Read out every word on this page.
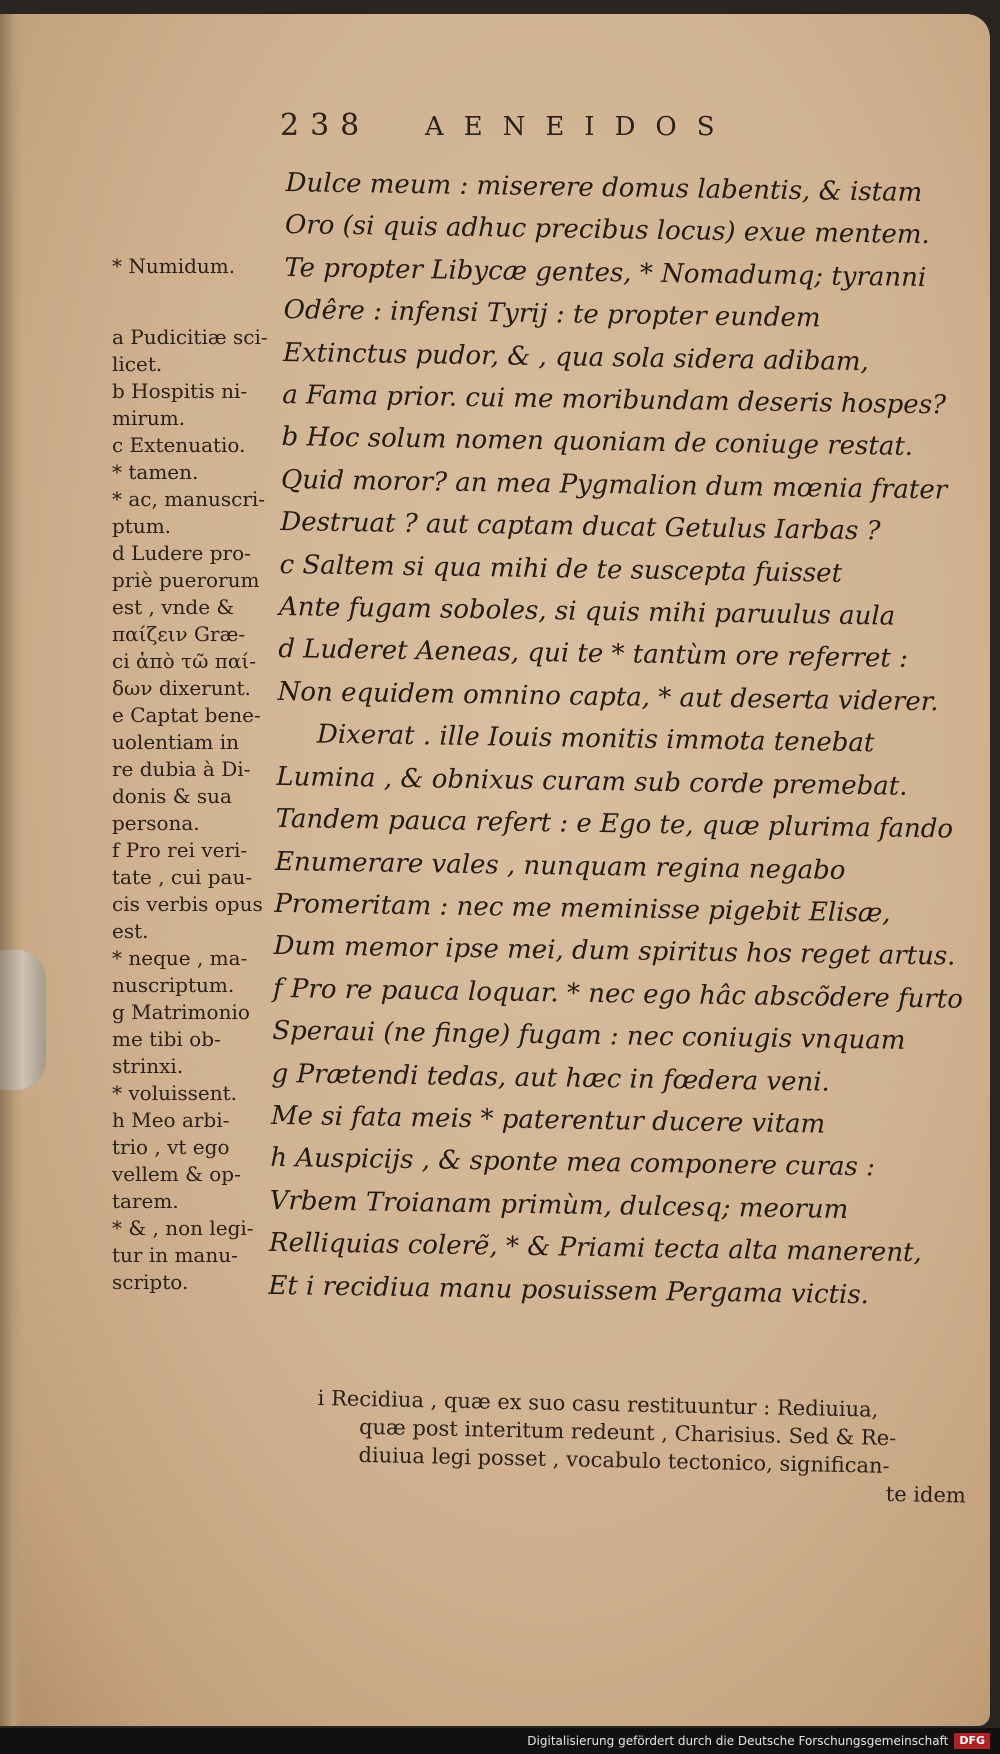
238 AENEIDOS
* Numidum.
a Pudicitiæ sci-
licet.
b Hospitis ni-
mirum.
c Extenuatio.
* tamen.
* ac, manuscri-
ptum.
d Ludere pro-
priè puerorum
est , vnde &
παίζειν Græ-
ci ἀπὸ τῶ παί-
δων dixerunt.
e Captat bene-
uolentiam in
re dubia à Di-
donis & sua
persona.
f Pro rei veri-
tate , cui pau-
cis verbis opus
est.
* neque , ma-
nuscriptum.
g Matrimonio
me tibi ob-
strinxi.
* voluissent.
h Meo arbi-
trio , vt ego
vellem & op-
tarem.
* & , non legi-
tur in manu-
scripto.
Dulce meum : miserere domus labentis, & istam
Oro (si quis adhuc precibus locus) exue mentem.
Te propter Libycæ gentes, * Nomadumq; tyranni
Odêre : infensi Tyrij : te propter eundem
Extinctus pudor, & , qua sola sidera adibam,
a Fama prior. cui me moribundam deseris hospes?
b Hoc solum nomen quoniam de coniuge restat.
Quid moror? an mea Pygmalion dum mœnia frater
Destruat ? aut captam ducat Getulus Iarbas ?
c Saltem si qua mihi de te suscepta fuisset
Ante fugam soboles, si quis mihi paruulus aula
d Luderet Aeneas, qui te * tantùm ore referret :
Non equidem omnino capta, * aut deserta viderer.
Dixerat . ille Iouis monitis immota tenebat
Lumina , & obnixus curam sub corde premebat.
Tandem pauca refert : e Ego te, quæ plurima fando
Enumerare vales , nunquam regina negabo
Promeritam : nec me meminisse pigebit Elisæ,
Dum memor ipse mei, dum spiritus hos reget artus.
f Pro re pauca loquar. * nec ego hâc abscõdere furto
Speraui (ne finge) fugam : nec coniugis vnquam
g Prætendi tedas, aut hæc in fœdera veni.
Me si fata meis * paterentur ducere vitam
h Auspicijs , & sponte mea componere curas :
Vrbem Troianam primùm, dulcesq; meorum
Relliquias colerẽ, * & Priami tecta alta manerent,
Et i recidiua manu posuissem Pergama victis.
i Recidiua , quæ ex suo casu restituuntur : Rediuiua,
quæ post interitum redeunt , Charisius. Sed & Re-
diuiua legi posset , vocabulo tectonico, significan-
te idem
Digitalisierung gefördert durch die Deutsche Forschungsgemeinschaft	DFG
